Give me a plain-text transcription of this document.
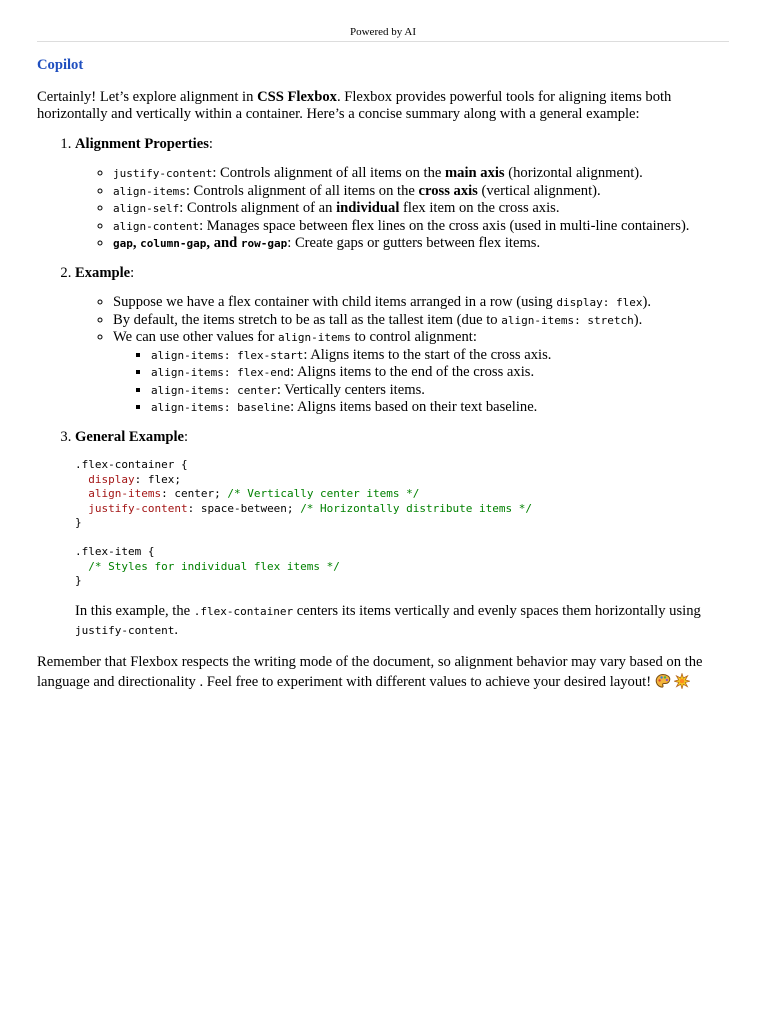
Powered by AI
Copilot

Certainly! Let’s explore alignment in CSS Flexbox. Flexbox provides powerful tools for aligning items both horizontally and vertically within a container. Here’s a concise summary along with a general example:

1. Alignment Properties:
◦ justify-content: Controls alignment of all items on the main axis (horizontal alignment).
◦ align-items: Controls alignment of all items on the cross axis (vertical alignment).
◦ align-self: Controls alignment of an individual flex item on the cross axis.
◦ align-content: Manages space between flex lines on the cross axis (used in multi-line containers).
◦ gap, column-gap, and row-gap: Create gaps or gutters between flex items.
2. Example:
◦ Suppose we have a flex container with child items arranged in a row (using display: flex).
◦ By default, the items stretch to be as tall as the tallest item (due to align-items: stretch).
◦ We can use other values for align-items to control alignment:
▪ align-items: flex-start: Aligns items to the start of the cross axis.
▪ align-items: flex-end: Aligns items to the end of the cross axis.
▪ align-items: center: Vertically centers items.
▪ align-items: baseline: Aligns items based on their text baseline.
3. General Example:
.flex-container {
display: flex;
align-items: center; /* Vertically center items */
justify-content: space-between; /* Horizontally distribute items */
}

.flex-item {
/* Styles for individual flex items */
}

In this example, the .flex-container centers its items vertically and evenly spaces them horizontally using justify-content.

Remember that Flexbox respects the writing mode of the document, so alignment behavior may vary based on the language and directionality . Feel free to experiment with different values to achieve your desired layout!
